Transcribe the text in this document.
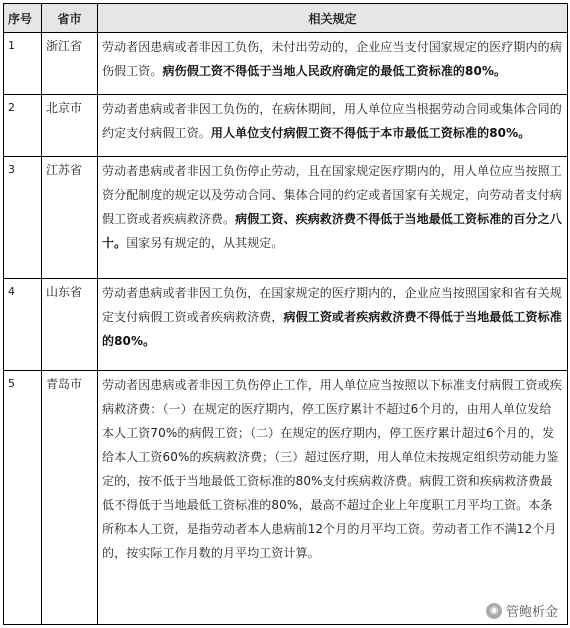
序号	省市	相关规定
1	浙江省	劳动者因患病或者非因工负伤，未付出劳动的，企业应当支付国家规定的医疗期内的病伤假工资。病伤假工资不得低于当地人民政府确定的最低工资标准的80%。
2	北京市	劳动者患病或者非因工负伤的，在病休期间，用人单位应当根据劳动合同或集体合同的约定支付病假工资。用人单位支付病假工资不得低于本市最低工资标准的80%。
3	江苏省	劳动者患病或者非因工负伤停止劳动，且在国家规定医疗期内的，用人单位应当按照工资分配制度的规定以及劳动合同、集体合同的约定或者国家有关规定，向劳动者支付病假工资或者疾病救济费。病假工资、疾病救济费不得低于当地最低工资标准的百分之八十。国家另有规定的，从其规定。
4	山东省	劳动者患病或者非因工负伤，在国家规定的医疗期内的，企业应当按照国家和省有关规定支付病假工资或者疾病救济费，病假工资或者疾病救济费不得低于当地最低工资标准的80%。
5	青岛市	劳动者因患病或者非因工负伤停止工作，用人单位应当按照以下标准支付病假工资或疾病救济费：（一）在规定的医疗期内，停工医疗累计不超过6个月的，由用人单位发给本人工资70%的病假工资；（二）在规定的医疗期内，停工医疗累计超过6个月的，发给本人工资60%的疾病救济费；（三）超过医疗期，用人单位未按规定组织劳动能力鉴定的，按不低于当地最低工资标准的80%支付疾病救济费。病假工资和疾病救济费最低不得低于当地最低工资标准的80%，最高不超过企业上年度职工月平均工资。本条所称本人工资，是指劳动者本人患病前12个月的月平均工资。劳动者工作不满12个月的，按实际工作月数的月平均工资计算。
◉ 管鲍析金
